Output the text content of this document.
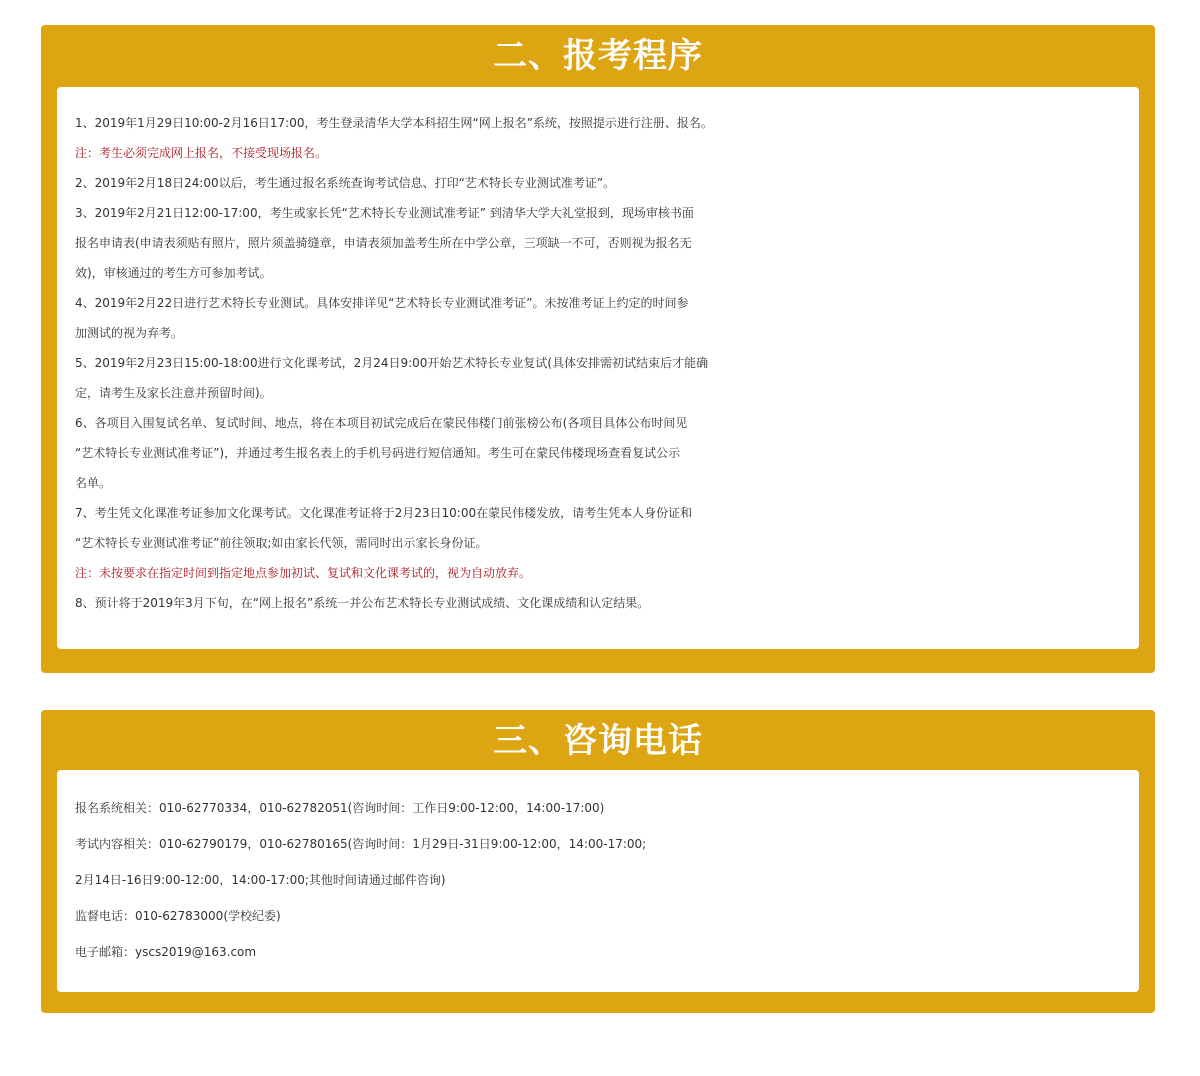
二、报考程序
1、2019年1月29日10:00-2月16日17:00，考生登录清华大学本科招生网“网上报名”系统，按照提示进行注册、报名。
注：考生必须完成网上报名，不接受现场报名。
2、2019年2月18日24:00以后，考生通过报名系统查询考试信息、打印“艺术特长专业测试准考证”。
3、2019年2月21日12:00-17:00，考生或家长凭“艺术特长专业测试准考证” 到清华大学大礼堂报到，现场审核书面
报名申请表(申请表须贴有照片，照片须盖骑缝章，申请表须加盖考生所在中学公章，三项缺一不可，否则视为报名无
效)，审核通过的考生方可参加考试。
4、2019年2月22日进行艺术特长专业测试。具体安排详见“艺术特长专业测试准考证”。未按准考证上约定的时间参
加测试的视为弃考。
5、2019年2月23日15:00-18:00进行文化课考试，2月24日9:00开始艺术特长专业复试(具体安排需初试结束后才能确
定，请考生及家长注意并预留时间)。
6、各项目入围复试名单、复试时间、地点，将在本项目初试完成后在蒙民伟楼门前张榜公布(各项目具体公布时间见
“艺术特长专业测试准考证”)，并通过考生报名表上的手机号码进行短信通知。考生可在蒙民伟楼现场查看复试公示
名单。
7、考生凭文化课准考证参加文化课考试。文化课准考证将于2月23日10:00在蒙民伟楼发放，请考生凭本人身份证和
“艺术特长专业测试准考证”前往领取;如由家长代领，需同时出示家长身份证。
注：未按要求在指定时间到指定地点参加初试、复试和文化课考试的，视为自动放弃。
8、预计将于2019年3月下旬，在“网上报名”系统一并公布艺术特长专业测试成绩、文化课成绩和认定结果。
三、咨询电话
报名系统相关：010-62770334，010-62782051(咨询时间：工作日9:00-12:00，14:00-17:00)
考试内容相关：010-62790179，010-62780165(咨询时间：1月29日-31日9:00-12:00，14:00-17:00;
2月14日-16日9:00-12:00，14:00-17:00;其他时间请通过邮件咨询)
监督电话：010-62783000(学校纪委)
电子邮箱：yscs2019@163.com
